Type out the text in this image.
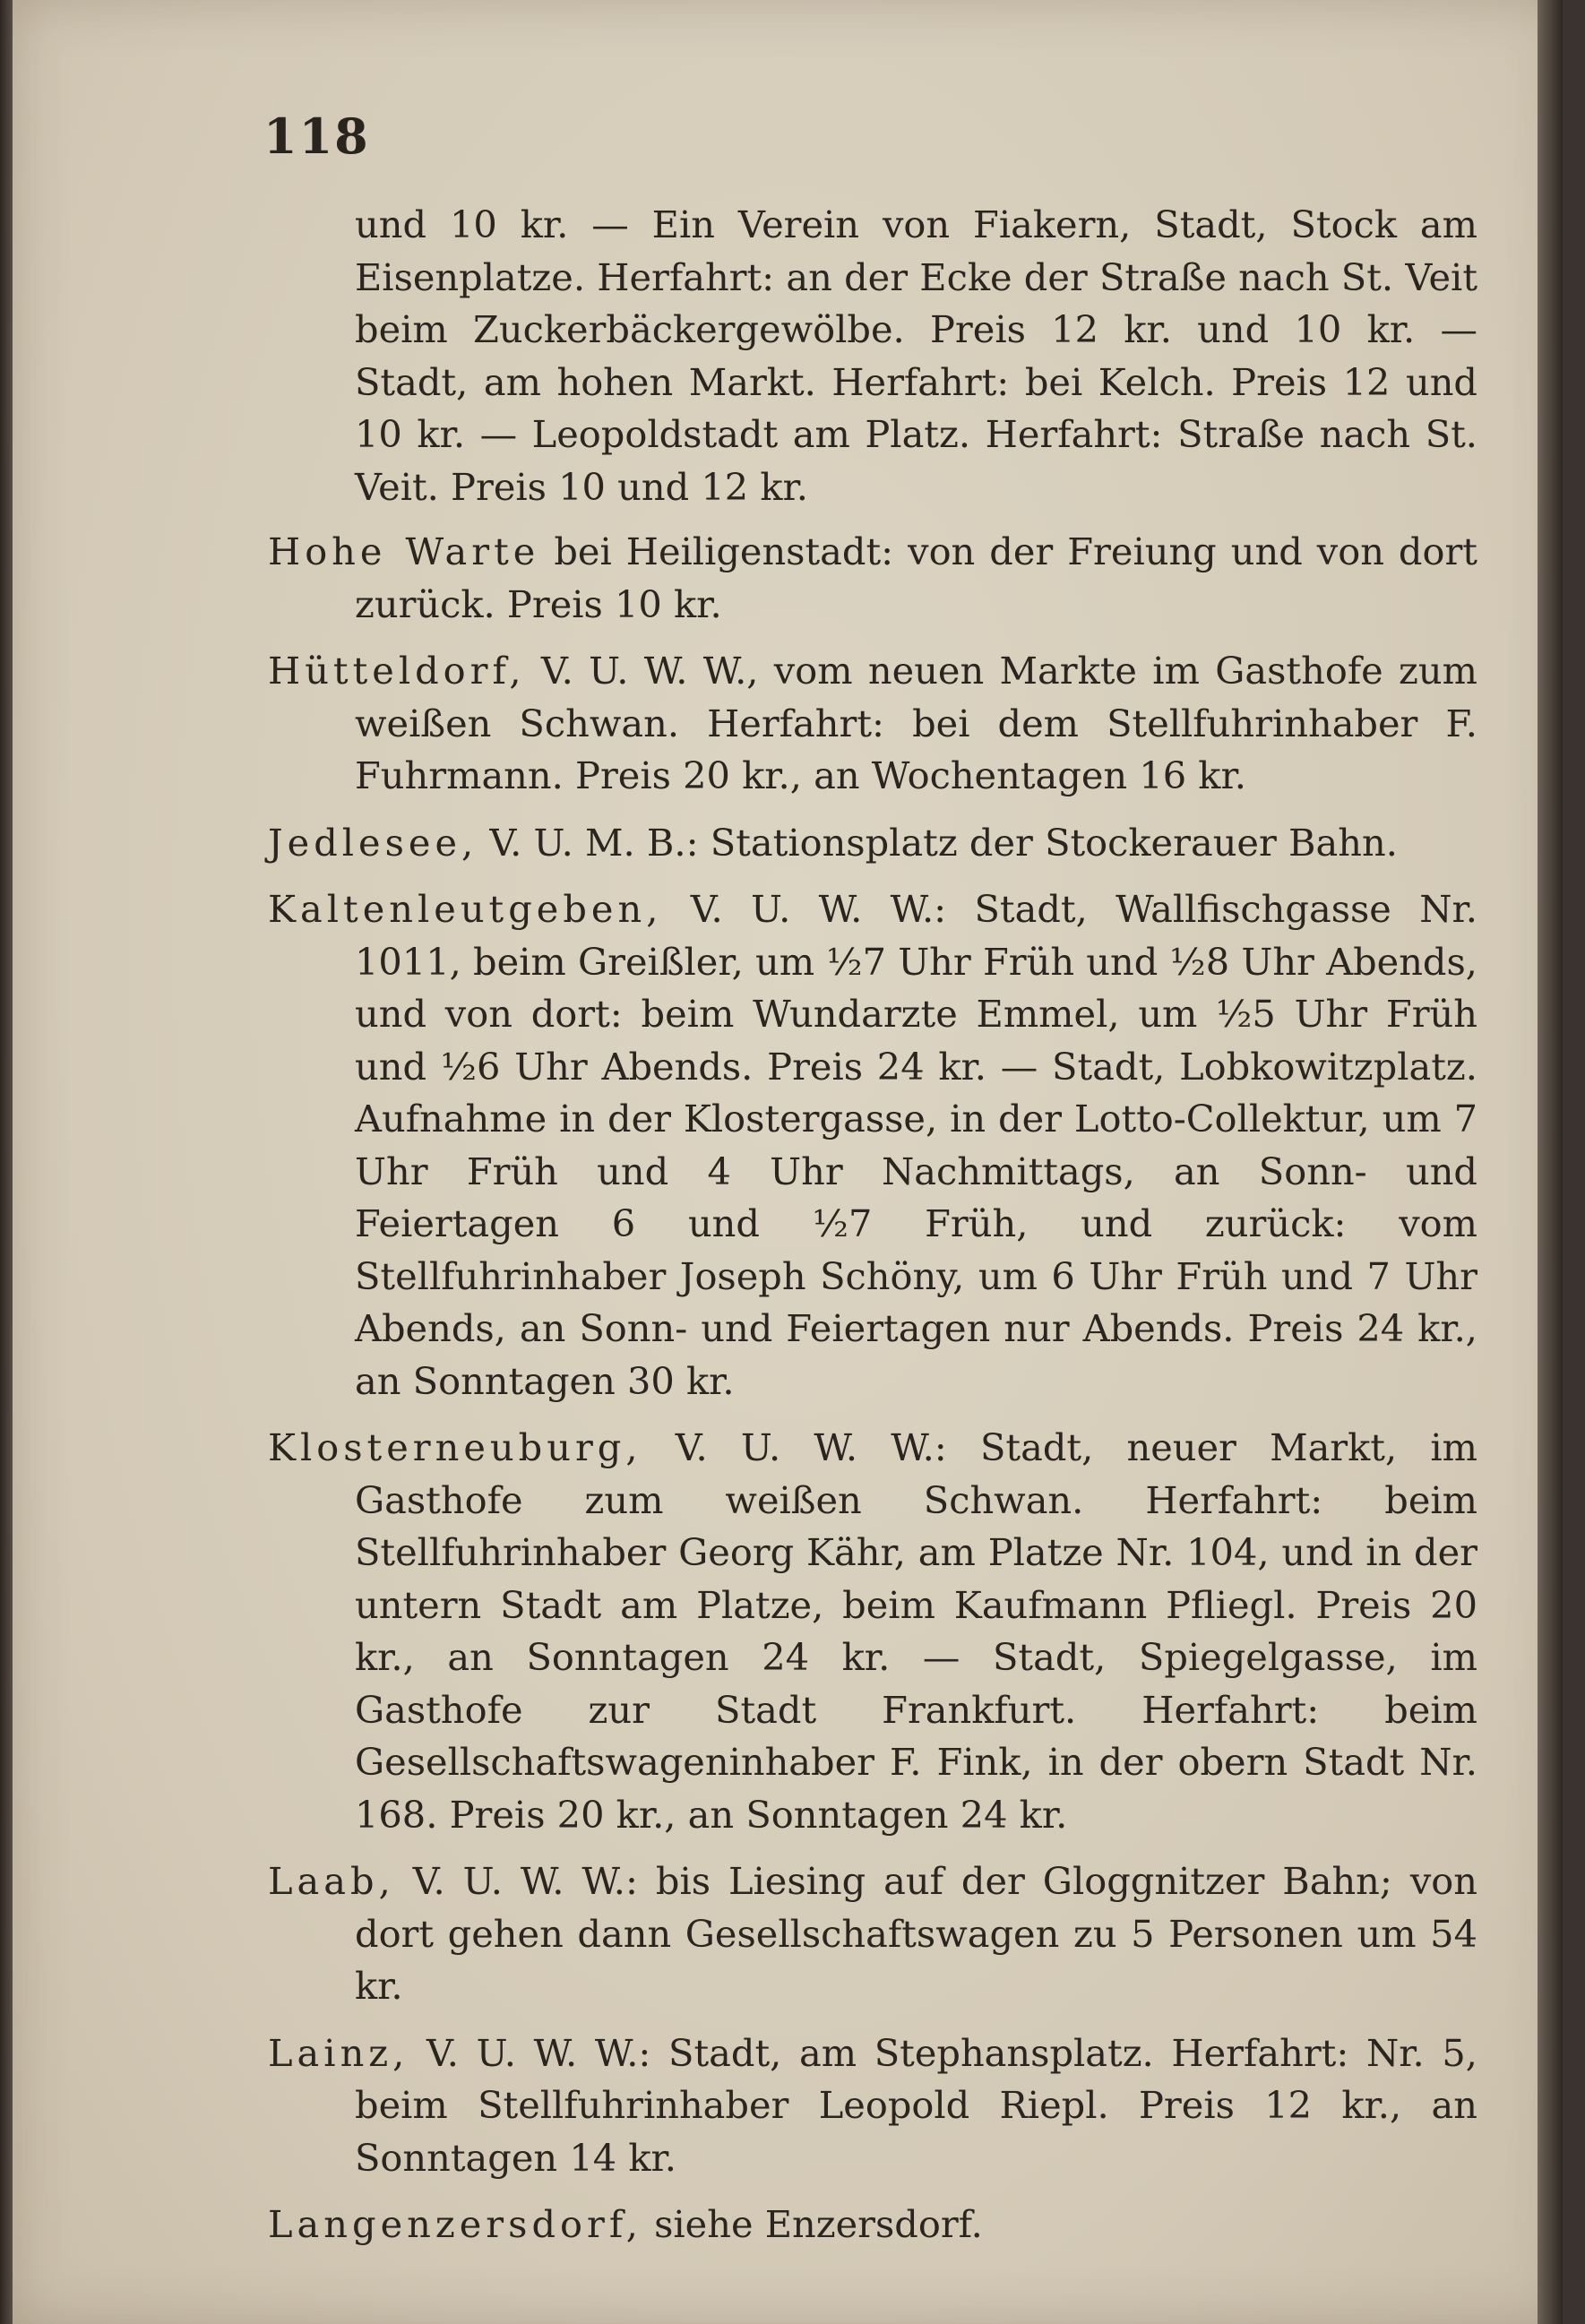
118

und 10 kr. — Ein Verein von Fiakern, Stadt, Stock am Eisenplatze. Herfahrt: an der Ecke der Straße nach St. Veit beim Zuckerbäckergewölbe. Preis 12 kr. und 10 kr. — Stadt, am hohen Markt. Herfahrt: bei Kelch. Preis 12 und 10 kr. — Leopoldstadt am Platz. Herfahrt: Straße nach St. Veit. Preis 10 und 12 kr.

Hohe Warte bei Heiligenstadt: von der Freiung und von dort zurück. Preis 10 kr.

Hütteldorf, V. U. W. W., vom neuen Markte im Gasthofe zum weißen Schwan. Herfahrt: bei dem Stellfuhrinhaber F. Fuhrmann. Preis 20 kr., an Wochentagen 16 kr.

Jedlesee, V. U. M. B.: Stationsplatz der Stockerauer Bahn.

Kaltenleutgeben, V. U. W. W.: Stadt, Wallfischgasse Nr. 1011, beim Greißler, um ½7 Uhr Früh und ½8 Uhr Abends, und von dort: beim Wundarzte Emmel, um ½5 Uhr Früh und ½6 Uhr Abends. Preis 24 kr. — Stadt, Lobkowitzplatz. Aufnahme in der Klostergasse, in der Lotto-Collektur, um 7 Uhr Früh und 4 Uhr Nachmittags, an Sonn- und Feiertagen 6 und ½7 Früh, und zurück: vom Stellfuhrinhaber Joseph Schöny, um 6 Uhr Früh und 7 Uhr Abends, an Sonn- und Feiertagen nur Abends. Preis 24 kr., an Sonntagen 30 kr.

Klosterneuburg, V. U. W. W.: Stadt, neuer Markt, im Gasthofe zum weißen Schwan. Herfahrt: beim Stellfuhrinhaber Georg Kähr, am Platze Nr. 104, und in der untern Stadt am Platze, beim Kaufmann Pfliegl. Preis 20 kr., an Sonntagen 24 kr. — Stadt, Spiegelgasse, im Gasthofe zur Stadt Frankfurt. Herfahrt: beim Gesellschaftswageninhaber F. Fink, in der obern Stadt Nr. 168. Preis 20 kr., an Sonntagen 24 kr.

Laab, V. U. W. W.: bis Liesing auf der Gloggnitzer Bahn; von dort gehen dann Gesellschaftswagen zu 5 Personen um 54 kr.

Lainz, V. U. W. W.: Stadt, am Stephansplatz. Herfahrt: Nr. 5, beim Stellfuhrinhaber Leopold Riepl. Preis 12 kr., an Sonntagen 14 kr.

Langenzersdorf, siehe Enzersdorf.
